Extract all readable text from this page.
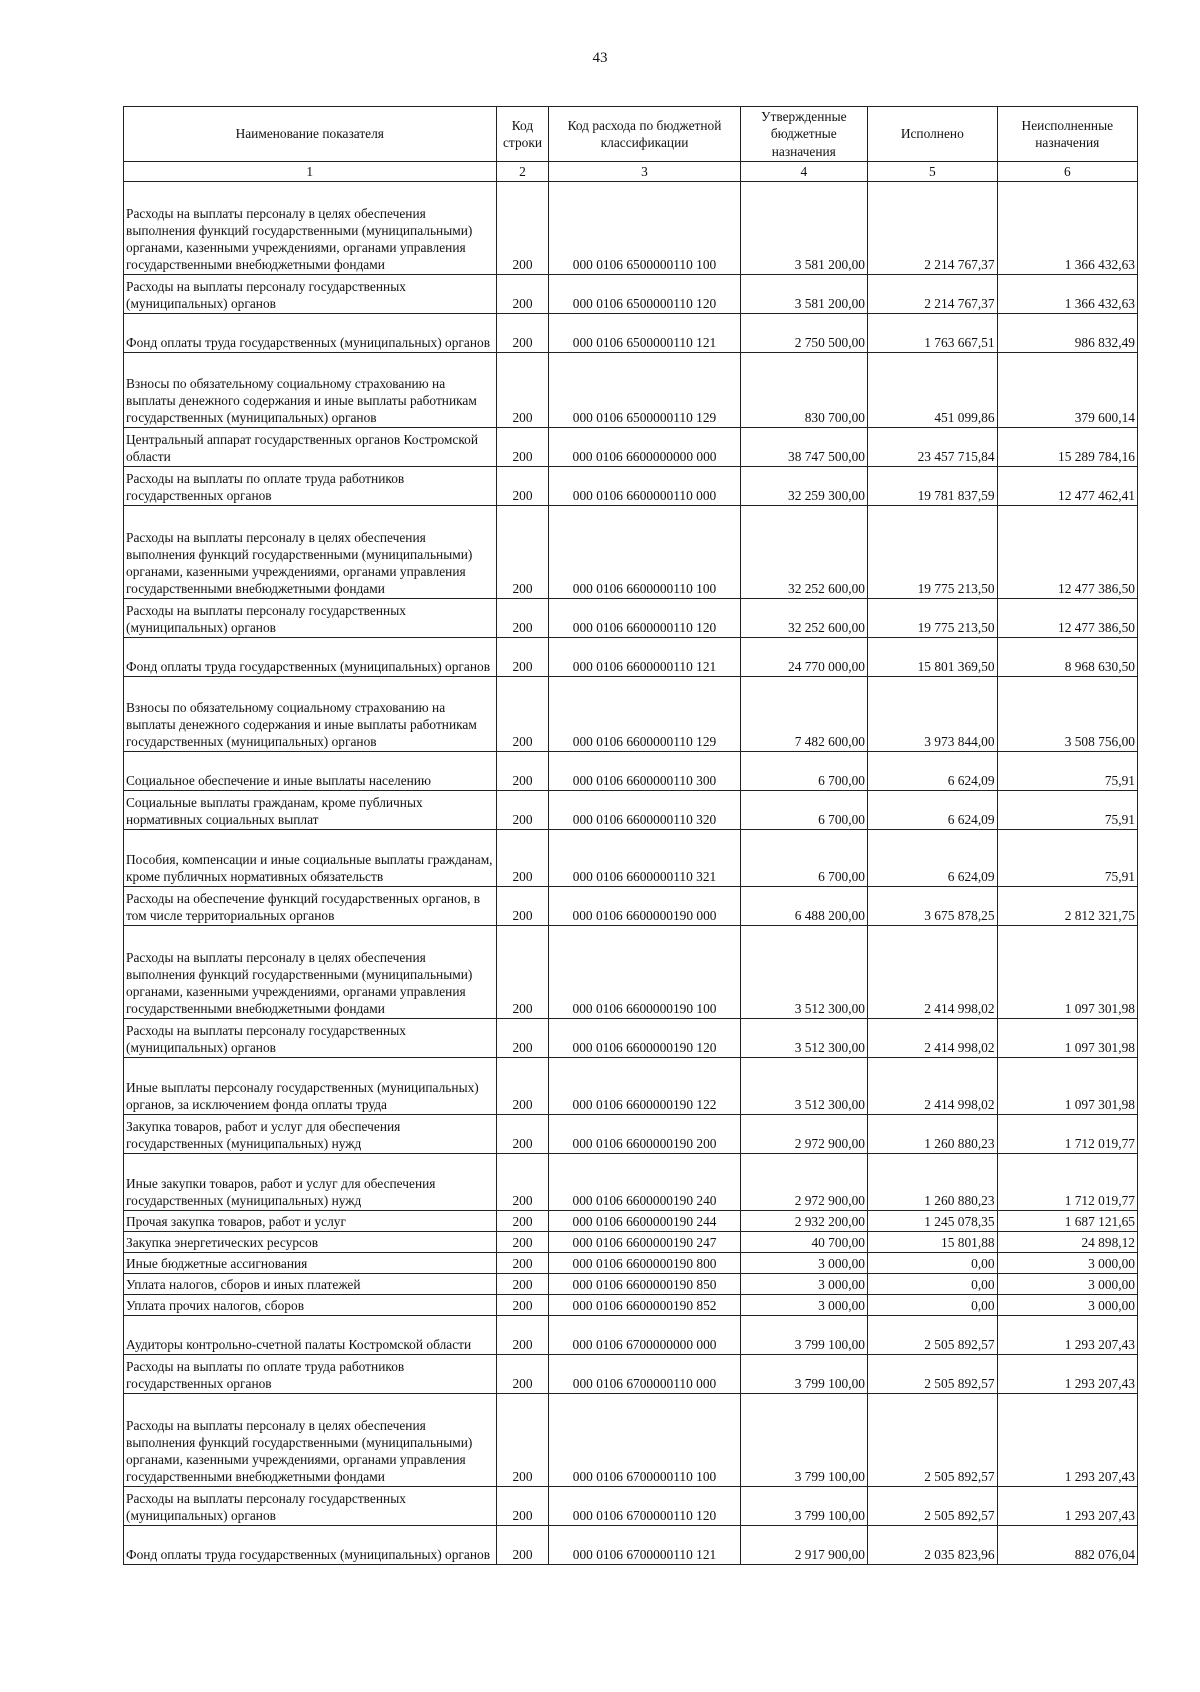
43
Наименование показателя	Код строки	Код расхода по бюджетной классификации	Утвержденные бюджетные назначения	Исполнено	Неисполненные назначения
1	2	3	4	5	6
Расходы на выплаты персоналу в целях обеспечения выполнения функций государственными (муниципальными) органами, казенными учреждениями, органами управления государственными внебюджетными фондами	200	000 0106 6500000110 100	3 581 200,00	2 214 767,37	1 366 432,63
Расходы на выплаты персоналу государственных (муниципальных) органов	200	000 0106 6500000110 120	3 581 200,00	2 214 767,37	1 366 432,63
Фонд оплаты труда государственных (муниципальных) органов	200	000 0106 6500000110 121	2 750 500,00	1 763 667,51	986 832,49
Взносы по обязательному социальному страхованию на выплаты денежного содержания и иные выплаты работникам государственных (муниципальных) органов	200	000 0106 6500000110 129	830 700,00	451 099,86	379 600,14
Центральный аппарат государственных органов Костромской области	200	000 0106 6600000000 000	38 747 500,00	23 457 715,84	15 289 784,16
Расходы на выплаты по оплате труда работников государственных органов	200	000 0106 6600000110 000	32 259 300,00	19 781 837,59	12 477 462,41
Расходы на выплаты персоналу в целях обеспечения выполнения функций государственными (муниципальными) органами, казенными учреждениями, органами управления государственными внебюджетными фондами	200	000 0106 6600000110 100	32 252 600,00	19 775 213,50	12 477 386,50
Расходы на выплаты персоналу государственных (муниципальных) органов	200	000 0106 6600000110 120	32 252 600,00	19 775 213,50	12 477 386,50
Фонд оплаты труда государственных (муниципальных) органов	200	000 0106 6600000110 121	24 770 000,00	15 801 369,50	8 968 630,50
Взносы по обязательному социальному страхованию на выплаты денежного содержания и иные выплаты работникам государственных (муниципальных) органов	200	000 0106 6600000110 129	7 482 600,00	3 973 844,00	3 508 756,00
Социальное обеспечение и иные выплаты населению	200	000 0106 6600000110 300	6 700,00	6 624,09	75,91
Социальные выплаты гражданам, кроме публичных нормативных социальных выплат	200	000 0106 6600000110 320	6 700,00	6 624,09	75,91
Пособия, компенсации и иные социальные выплаты гражданам, кроме публичных нормативных обязательств	200	000 0106 6600000110 321	6 700,00	6 624,09	75,91
Расходы на обеспечение функций государственных органов, в том числе территориальных органов	200	000 0106 6600000190 000	6 488 200,00	3 675 878,25	2 812 321,75
Расходы на выплаты персоналу в целях обеспечения выполнения функций государственными (муниципальными) органами, казенными учреждениями, органами управления государственными внебюджетными фондами	200	000 0106 6600000190 100	3 512 300,00	2 414 998,02	1 097 301,98
Расходы на выплаты персоналу государственных (муниципальных) органов	200	000 0106 6600000190 120	3 512 300,00	2 414 998,02	1 097 301,98
Иные выплаты персоналу государственных (муниципальных) органов, за исключением фонда оплаты труда	200	000 0106 6600000190 122	3 512 300,00	2 414 998,02	1 097 301,98
Закупка товаров, работ и услуг для обеспечения государственных (муниципальных) нужд	200	000 0106 6600000190 200	2 972 900,00	1 260 880,23	1 712 019,77
Иные закупки товаров, работ и услуг для обеспечения государственных (муниципальных) нужд	200	000 0106 6600000190 240	2 972 900,00	1 260 880,23	1 712 019,77
Прочая закупка товаров, работ и услуг	200	000 0106 6600000190 244	2 932 200,00	1 245 078,35	1 687 121,65
Закупка энергетических ресурсов	200	000 0106 6600000190 247	40 700,00	15 801,88	24 898,12
Иные бюджетные ассигнования	200	000 0106 6600000190 800	3 000,00	0,00	3 000,00
Уплата налогов, сборов и иных платежей	200	000 0106 6600000190 850	3 000,00	0,00	3 000,00
Уплата прочих налогов, сборов	200	000 0106 6600000190 852	3 000,00	0,00	3 000,00
Аудиторы контрольно-счетной палаты Костромской области	200	000 0106 6700000000 000	3 799 100,00	2 505 892,57	1 293 207,43
Расходы на выплаты по оплате труда работников государственных органов	200	000 0106 6700000110 000	3 799 100,00	2 505 892,57	1 293 207,43
Расходы на выплаты персоналу в целях обеспечения выполнения функций государственными (муниципальными) органами, казенными учреждениями, органами управления государственными внебюджетными фондами	200	000 0106 6700000110 100	3 799 100,00	2 505 892,57	1 293 207,43
Расходы на выплаты персоналу государственных (муниципальных) органов	200	000 0106 6700000110 120	3 799 100,00	2 505 892,57	1 293 207,43
Фонд оплаты труда государственных (муниципальных) органов	200	000 0106 6700000110 121	2 917 900,00	2 035 823,96	882 076,04
